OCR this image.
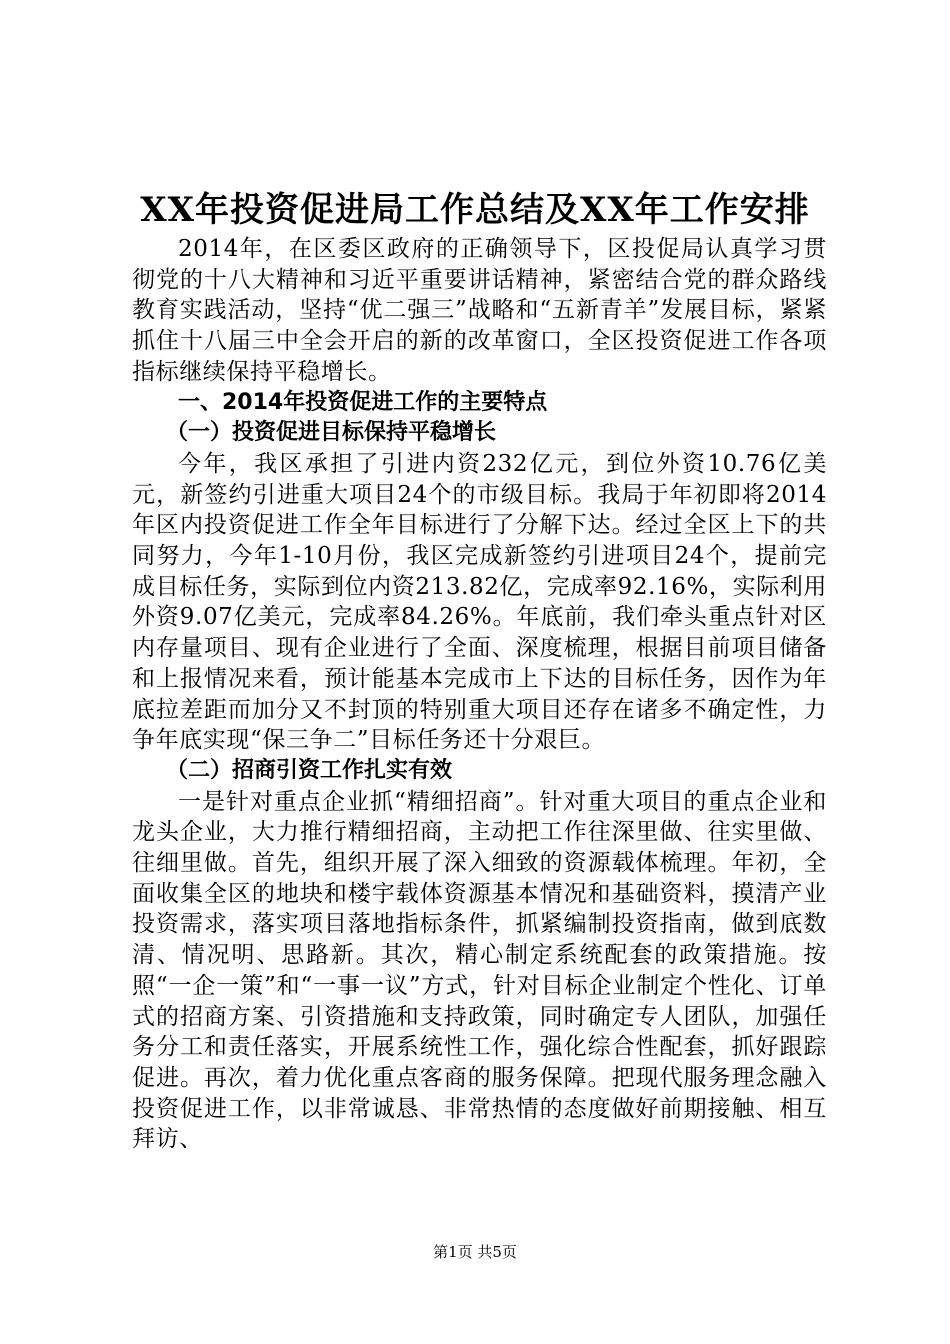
XX年投资促进局工作总结及XX年工作安排

2014年，在区委区政府的正确领导下，区投促局认真学习贯彻党的十八大精神和习近平重要讲话精神，紧密结合党的群众路线教育实践活动，坚持“优二强三”战略和“五新青羊”发展目标，紧紧抓住十八届三中全会开启的新的改革窗口，全区投资促进工作各项指标继续保持平稳增长。

一、2014年投资促进工作的主要特点

（一）投资促进目标保持平稳增长

今年，我区承担了引进内资232亿元，到位外资10.76亿美元，新签约引进重大项目24个的市级目标。我局于年初即将2014年区内投资促进工作全年目标进行了分解下达。经过全区上下的共同努力，今年1-10月份，我区完成新签约引进项目24个，提前完成目标任务，实际到位内资213.82亿，完成率92.16%，实际利用外资9.07亿美元，完成率84.26%。年底前，我们牵头重点针对区内存量项目、现有企业进行了全面、深度梳理，根据目前项目储备和上报情况来看，预计能基本完成市上下达的目标任务，因作为年底拉差距而加分又不封顶的特别重大项目还存在诸多不确定性，力争年底实现“保三争二”目标任务还十分艰巨。

（二）招商引资工作扎实有效

一是针对重点企业抓“精细招商”。针对重大项目的重点企业和龙头企业，大力推行精细招商，主动把工作往深里做、往实里做、往细里做。首先，组织开展了深入细致的资源载体梳理。年初，全面收集全区的地块和楼宇载体资源基本情况和基础资料，摸清产业投资需求，落实项目落地指标条件，抓紧编制投资指南，做到底数清、情况明、思路新。其次，精心制定系统配套的政策措施。按照“一企一策”和“一事一议”方式，针对目标企业制定个性化、订单式的招商方案、引资措施和支持政策，同时确定专人团队，加强任务分工和责任落实，开展系统性工作，强化综合性配套，抓好跟踪促进。再次，着力优化重点客商的服务保障。把现代服务理念融入投资促进工作，以非常诚恳、非常热情的态度做好前期接触、相互拜访、

第1页 共5页
